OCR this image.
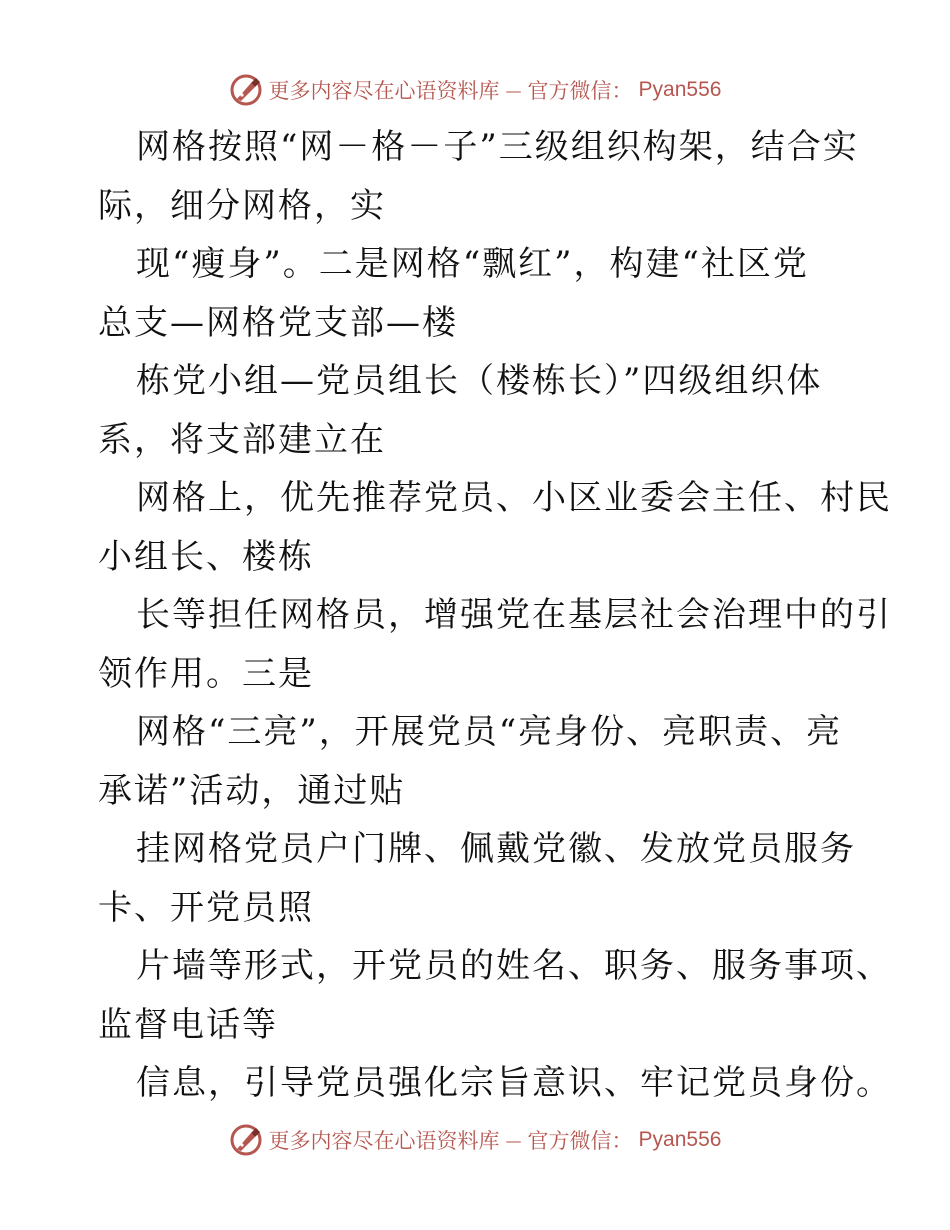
更多内容尽在心语资料库 — 官方微信： Pyan556
网格按照“网－格－子”三级组织构架，结合实
际，细分网格，实
现“瘦身”。二是网格“飘红”，构建“社区党
总支—网格党支部—楼
栋党小组—党员组长（楼栋长）”四级组织体
系，将支部建立在
网格上，优先推荐党员、小区业委会主任、村民
小组长、楼栋
长等担任网格员，增强党在基层社会治理中的引
领作用。三是
网格“三亮”，开展党员“亮身份、亮职责、亮
承诺”活动，通过贴
挂网格党员户门牌、佩戴党徽、发放党员服务
卡、开党员照
片墙等形式，开党员的姓名、职务、服务事项、
监督电话等
信息，引导党员强化宗旨意识、牢记党员身份。
更多内容尽在心语资料库 — 官方微信： Pyan556
